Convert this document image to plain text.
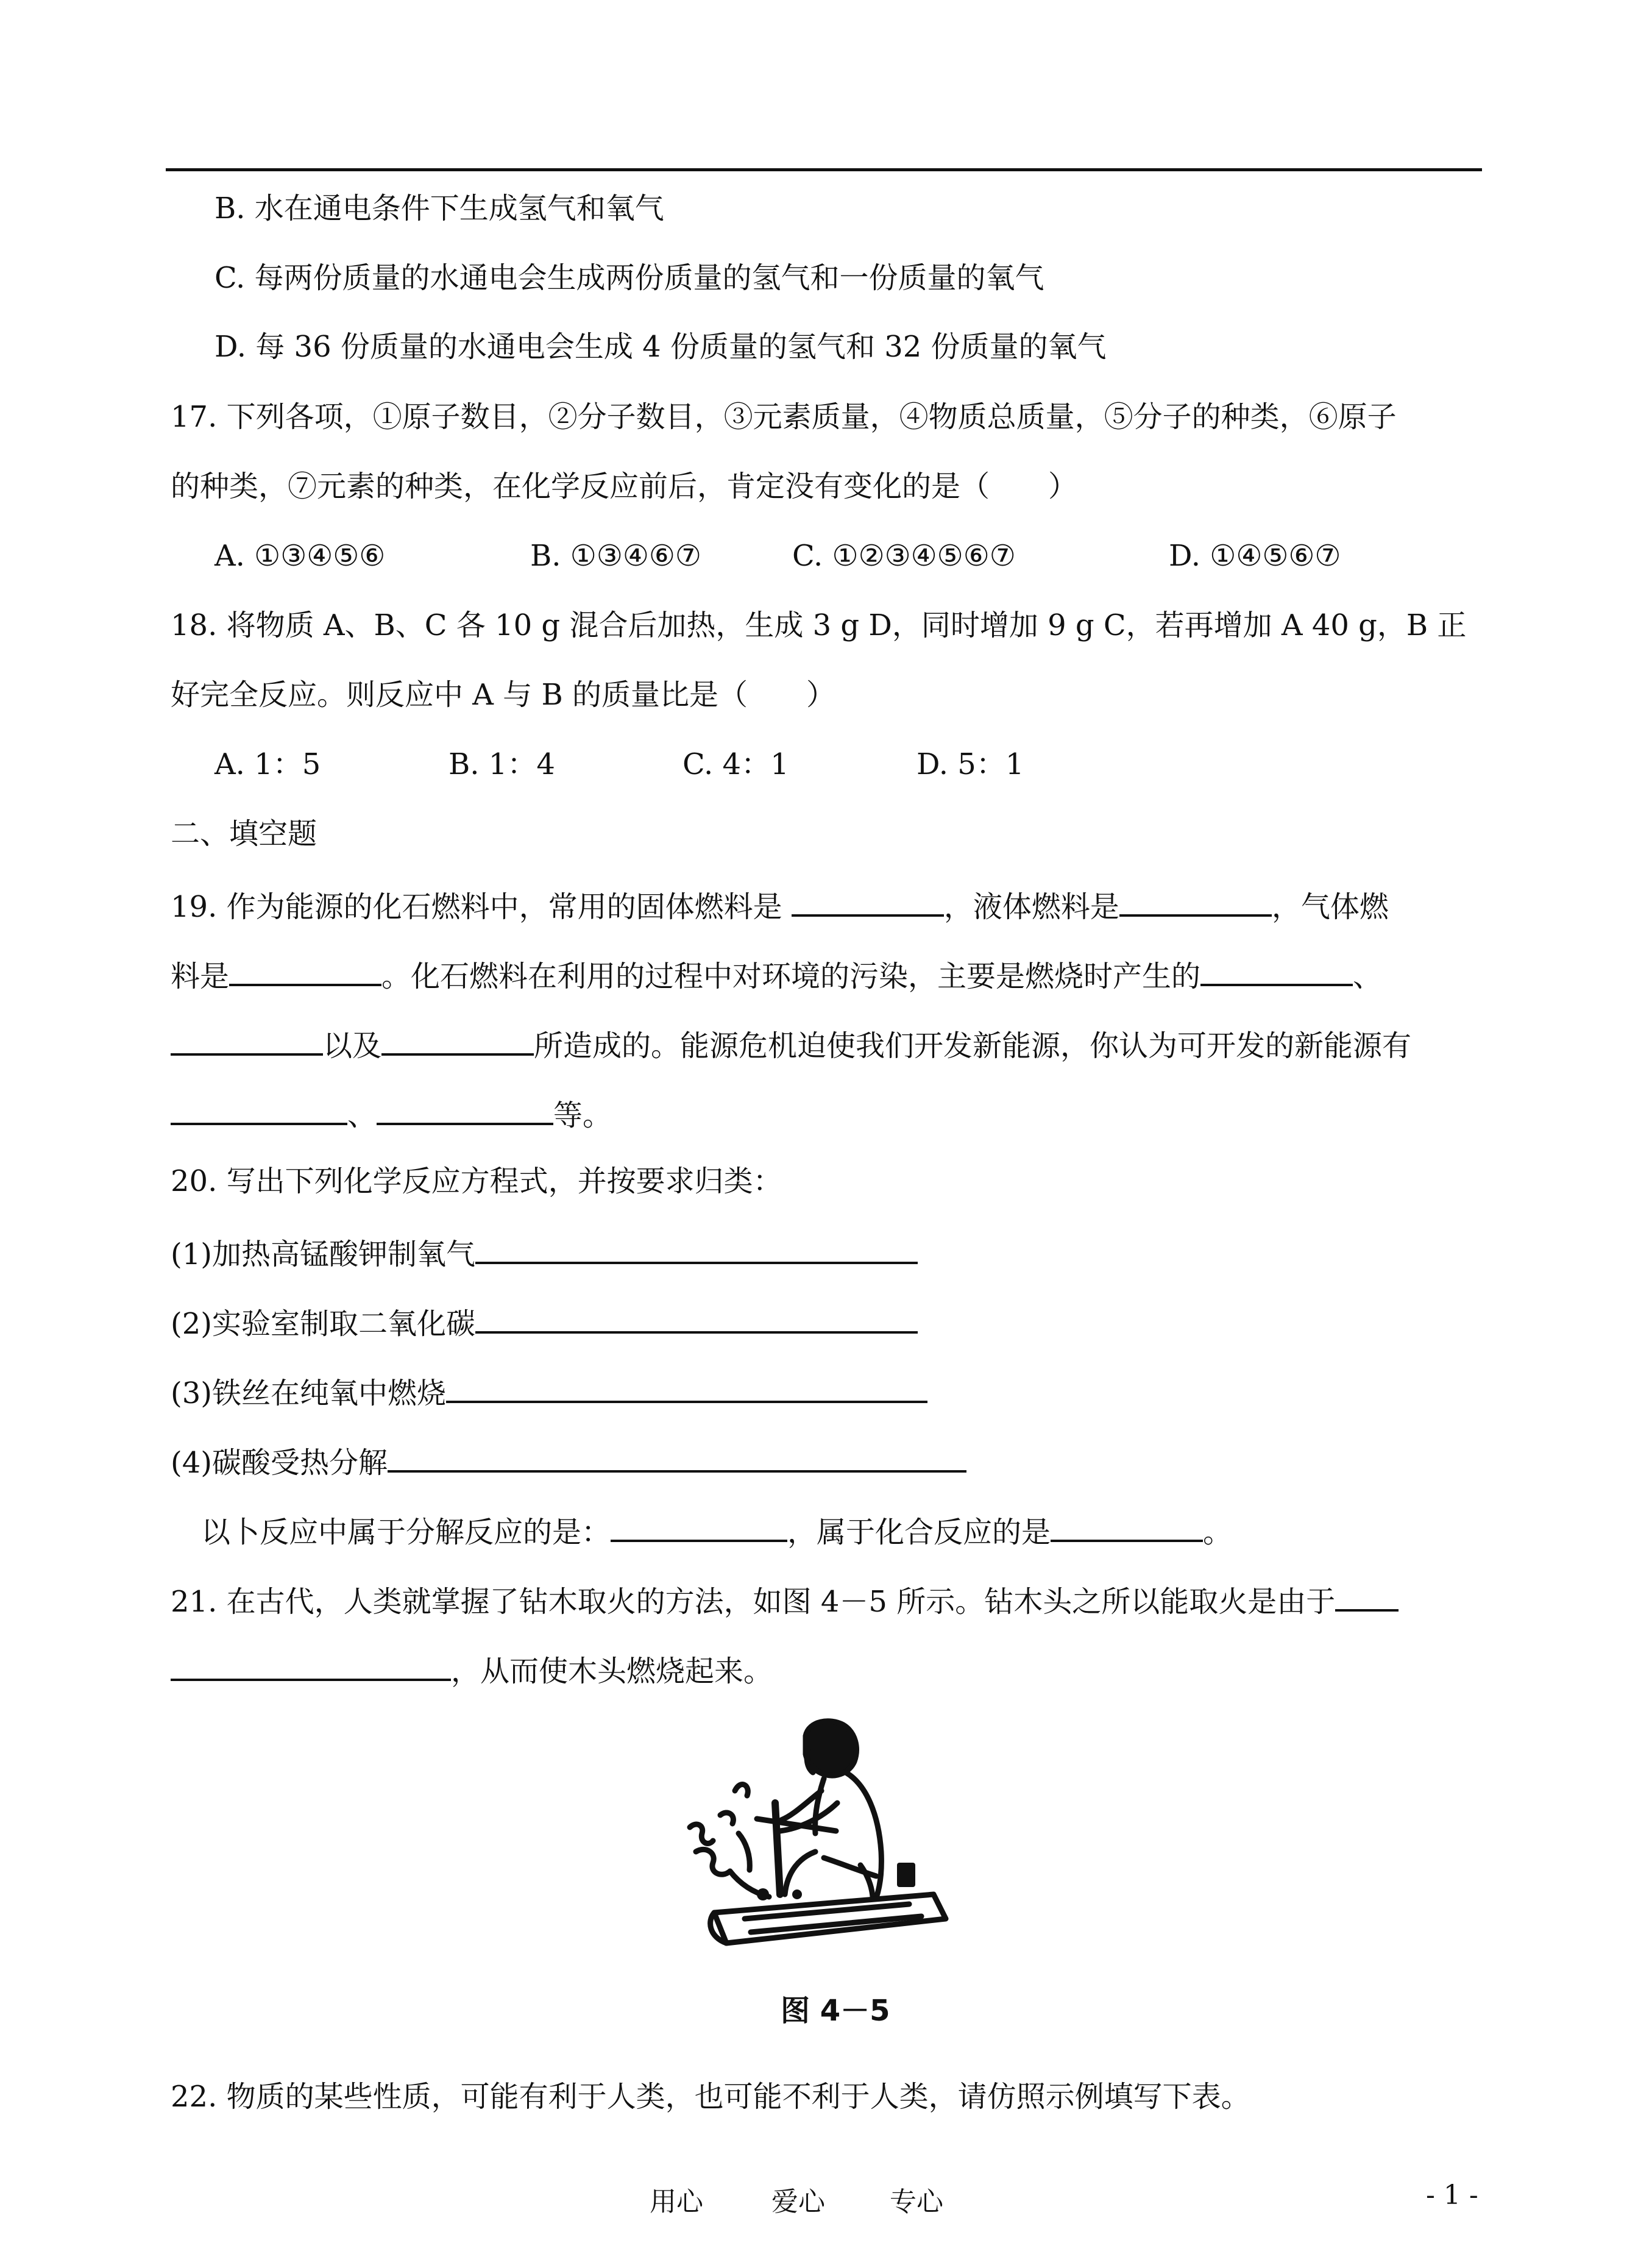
B. 水在通电条件下生成氢气和氧气
C. 每两份质量的水通电会生成两份质量的氢气和一份质量的氧气
D. 每 36 份质量的水通电会生成 4 份质量的氢气和 32 份质量的氧气
17. 下列各项，①原子数目，②分子数目，③元素质量，④物质总质量，⑤分子的种类，⑥原子
的种类，⑦元素的种类，在化学反应前后，肯定没有变化的是（　　）
A. ①③④⑤⑥	B. ①③④⑥⑦	C. ①②③④⑤⑥⑦	D. ①④⑤⑥⑦
18. 将物质 A、B、C 各 10 g 混合后加热，生成 3 g D，同时增加 9 g C，若再增加 A 40 g，B 正
好完全反应。则反应中 A 与 B 的质量比是（　　）
A. 1：5	B. 1：4	C. 4：1	D. 5：1
二、填空题
19. 作为能源的化石燃料中，常用的固体燃料是	，液体燃料是	，气体燃
料是	。化石燃料在利用的过程中对环境的污染，主要是燃烧时产生的	、
以及	所造成的。能源危机迫使我们开发新能源，你认为可开发的新能源有
、	等。
20. 写出下列化学反应方程式，并按要求归类：
(1)加热高锰酸钾制氧气
(2)实验室制取二氧化碳
(3)铁丝在纯氧中燃烧
(4)碳酸受热分解
以卜反应中属于分解反应的是：	，属于化合反应的是	。
21. 在古代，人类就掌握了钻木取火的方法，如图 4－5 所示。钻木头之所以能取火是由于
，从而使木头燃烧起来。
图 4－5
22. 物质的某些性质，可能有利于人类，也可能不利于人类，请仿照示例填写下表。
用心	爱心 专心	- 1 -
